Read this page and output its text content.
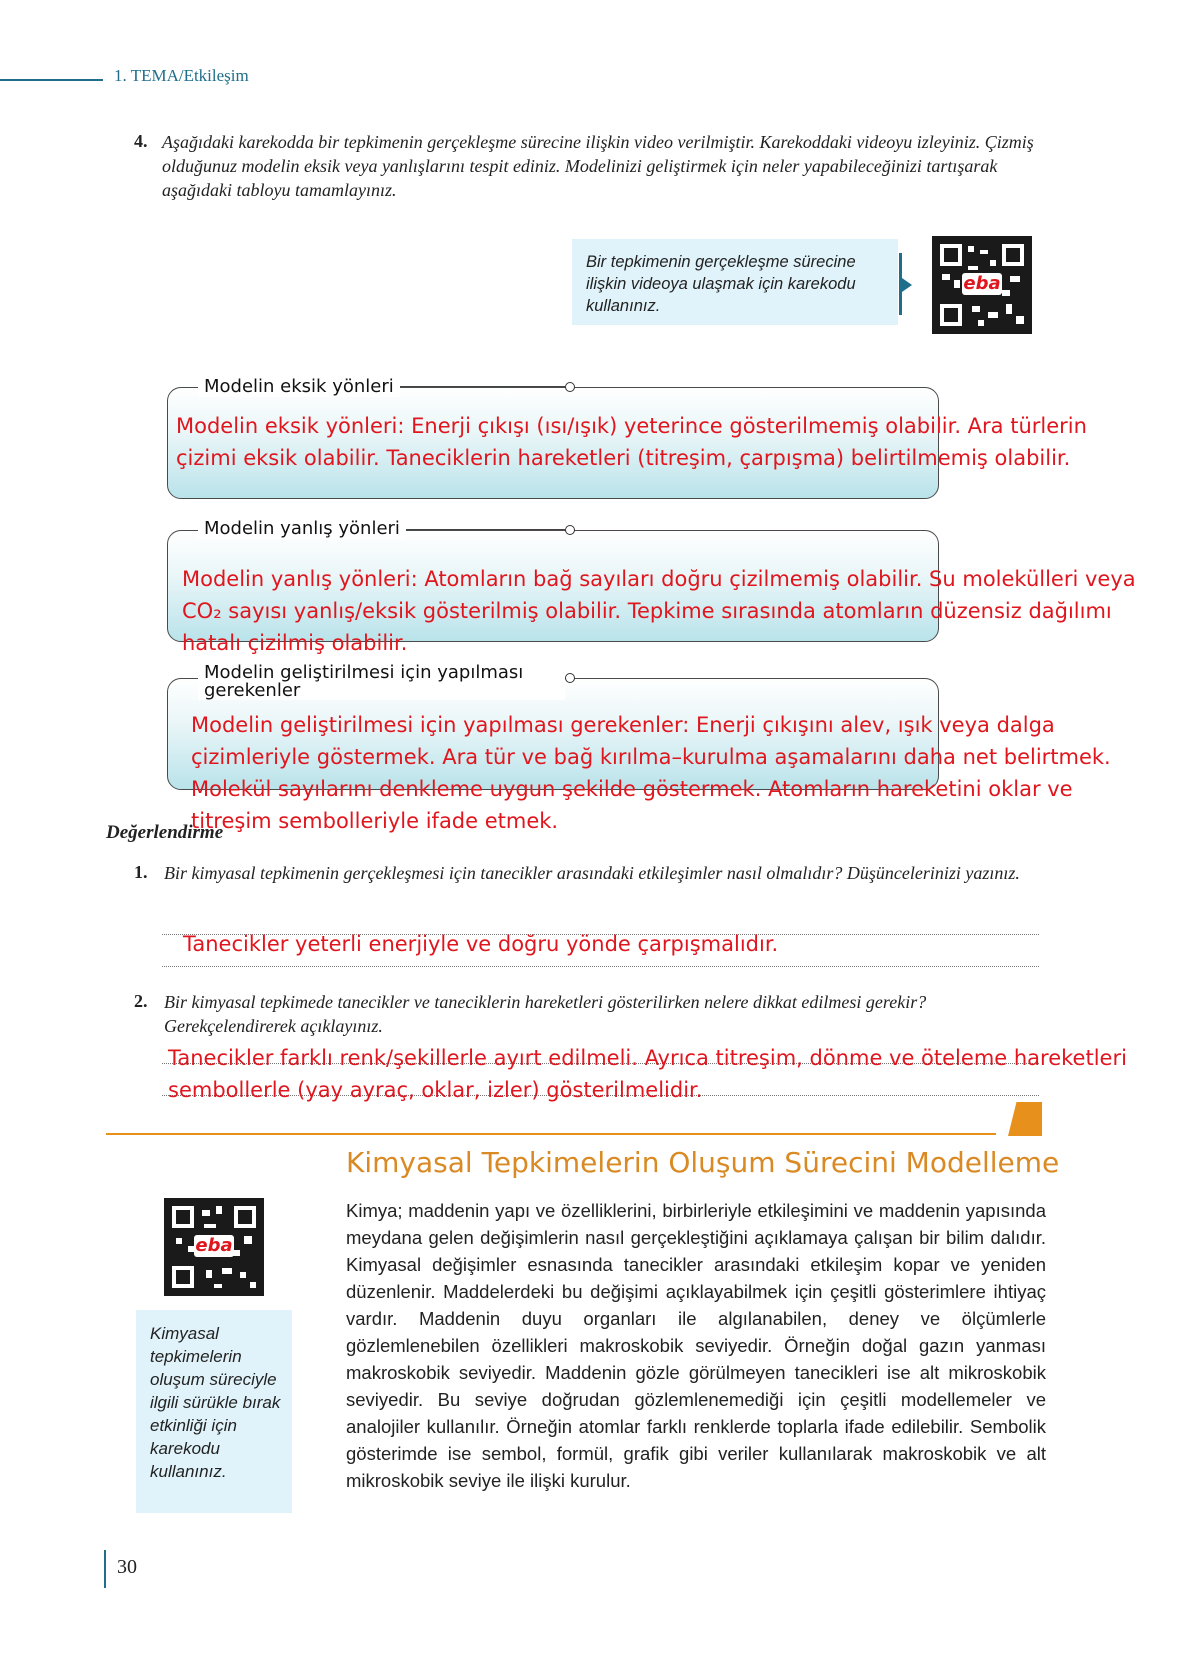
1. TEMA/Etkileşim
4. Aşağıdaki karekodda bir tepkimenin gerçekleşme sürecine ilişkin video verilmiştir. Karekoddaki videoyu izleyiniz. Çizmiş olduğunuz modelin eksik veya yanlışlarını tespit ediniz. Modelinizi geliştirmek için neler yapabileceğinizi tartışarak aşağıdaki tabloyu tamamlayınız.
Bir tepkimenin gerçekleşme sürecine ilişkin videoya ulaşmak için karekodu kullanınız.
eba
Modelin eksik yönleri
Modelin eksik yönleri: Enerji çıkışı (ısı/ışık) yeterince gösterilmemiş olabilir. Ara türlerin çizimi eksik olabilir. Taneciklerin hareketleri (titreşim, çarpışma) belirtilmemiş olabilir.
Modelin yanlış yönleri
Modelin yanlış yönleri: Atomların bağ sayıları doğru çizilmemiş olabilir. Su molekülleri veya CO₂ sayısı yanlış/eksik gösterilmiş olabilir. Tepkime sırasında atomların düzensiz dağılımı hatalı çizilmiş olabilir.
Modelin geliştirilmesi için yapılması gerekenler
Modelin geliştirilmesi için yapılması gerekenler: Enerji çıkışını alev, ışık veya dalga çizimleriyle göstermek. Ara tür ve bağ kırılma–kurulma aşamalarını daha net belirtmek. Molekül sayılarını denkleme uygun şekilde göstermek. Atomların hareketini oklar ve titreşim sembolleriyle ifade etmek.
Değerlendirme
1. Bir kimyasal tepkimenin gerçekleşmesi için tanecikler arasındaki etkileşimler nasıl olmalıdır? Düşüncelerinizi yazınız.
Tanecikler yeterli enerjiyle ve doğru yönde çarpışmalıdır.
2. Bir kimyasal tepkimede tanecikler ve taneciklerin hareketleri gösterilirken nelere dikkat edilmesi gerekir? Gerekçelendirerek açıklayınız.
Tanecikler farklı renk/şekillerle ayırt edilmeli. Ayrıca titreşim, dönme ve öteleme hareketleri sembollerle (yay ayraç, oklar, izler) gösterilmelidir.
Kimyasal Tepkimelerin Oluşum Sürecini Modelleme
Kimya; maddenin yapı ve özelliklerini, birbirleriyle etkileşimini ve maddenin yapısında meydana gelen değişimlerin nasıl gerçekleştiğini açıklamaya çalışan bir bilim dalıdır. Kimyasal değişimler esnasında tanecikler arasındaki etkileşim kopar ve yeniden düzenlenir. Maddelerdeki bu değişimi açıklayabilmek için çeşitli gösterimlere ihtiyaç vardır. Maddenin duyu organları ile algılanabilen, deney ve ölçümlerle gözlemlenebilen özellikleri makroskobik seviyedir. Örneğin doğal gazın yanması makroskobik seviyedir. Maddenin gözle görülmeyen tanecikleri ise alt mikroskobik seviyedir. Bu seviye doğrudan gözlemlenemediği için çeşitli modellemeler ve analojiler kullanılır. Örneğin atomlar farklı renklerde toplarla ifade edilebilir. Sembolik gösterimde ise sembol, formül, grafik gibi veriler kullanılarak makroskobik ve alt mikroskobik seviye ile ilişki kurulur.
eba
Kimyasal tepkimelerin oluşum süreciyle ilgili sürükle bırak etkinliği için karekodu kullanınız.
30
